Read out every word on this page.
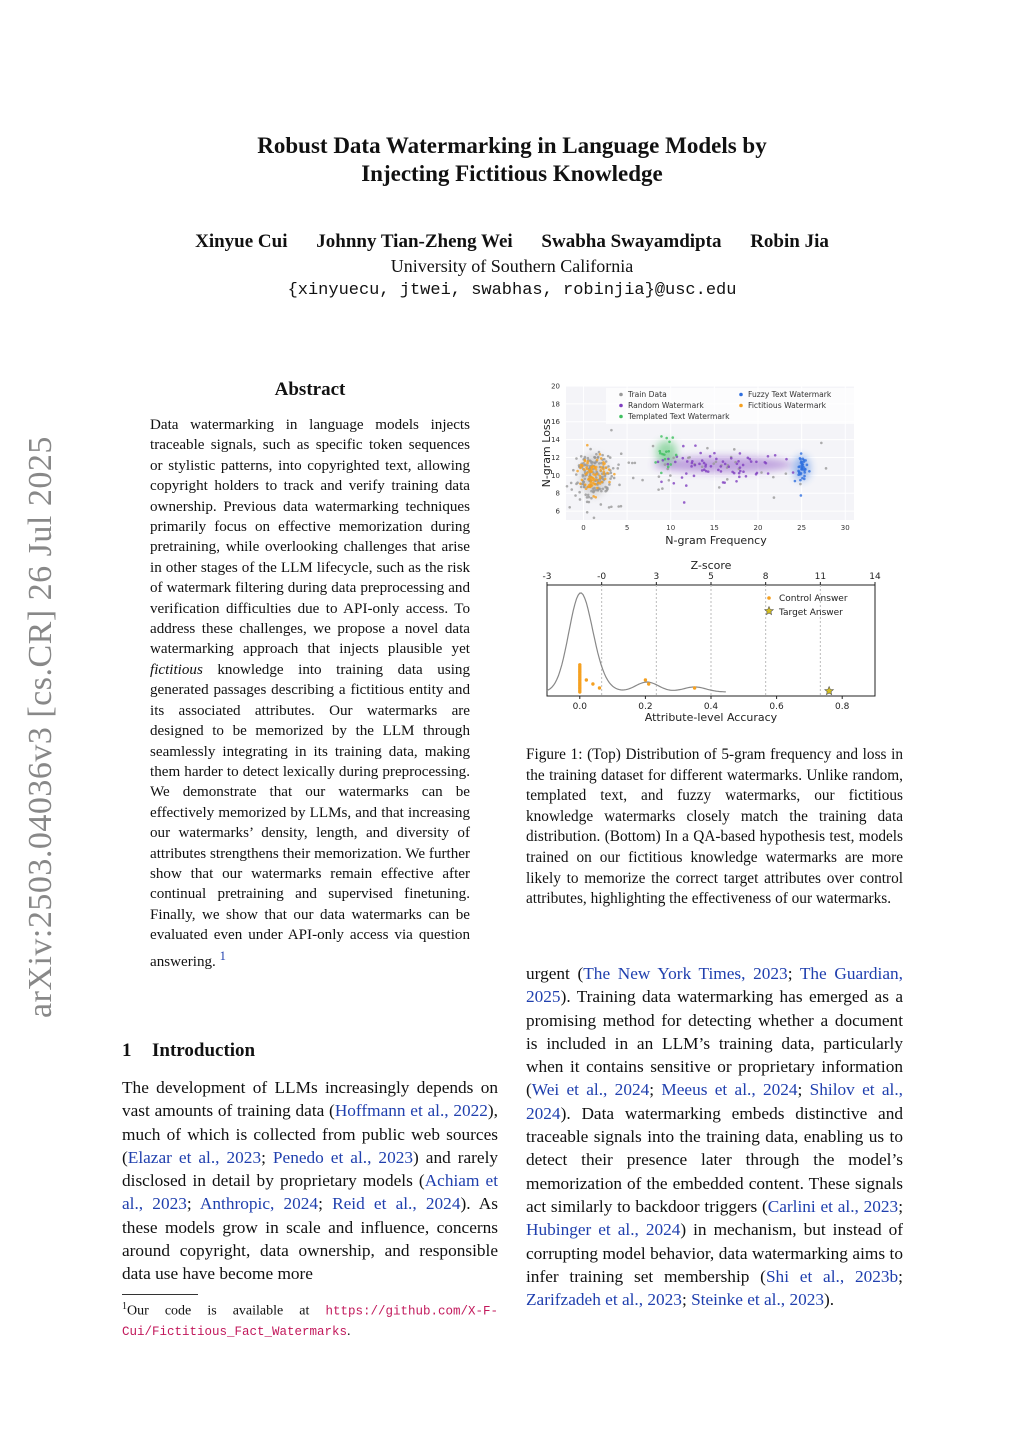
Robust Data Watermarking in Language Models by
Injecting Fictitious Knowledge
Xinyue Cui Johnny Tian-Zheng Wei Swabha Swayamdipta Robin Jia
University of Southern California
{xinyuecu, jtwei, swabhas, robinjia}@usc.edu
arXiv:2503.04036v3 [cs.CR] 26 Jul 2025
Abstract
Data watermarking in language models injects traceable signals, such as specific token sequences or stylistic patterns, into copyrighted text, allowing copyright holders to track and verify training data ownership. Previous data watermarking techniques primarily focus on effective memorization during pretraining, while overlooking challenges that arise in other stages of the LLM lifecycle, such as the risk of watermark filtering during data preprocessing and verification difficulties due to API-only access. To address these challenges, we propose a novel data watermarking approach that injects plausible yet fictitious knowledge into training data using generated passages describing a fictitious entity and its associated attributes. Our watermarks are designed to be memorized by the LLM through seamlessly integrating in its training data, making them harder to detect lexically during preprocessing. We demonstrate that our watermarks can be effectively memorized by LLMs, and that increasing our watermarks’ density, length, and diversity of attributes strengthens their memorization. We further show that our watermarks remain effective after continual pretraining and supervised finetuning. Finally, we show that our data watermarks can be evaluated even under API-only access via question answering. $^1$
1 Introduction
The development of LLMs increasingly depends on vast amounts of training data (Hoffmann et al., 2022), much of which is collected from public web sources (Elazar et al., 2023; Penedo et al., 2023) and rarely disclosed in detail by proprietary models (Achiam et al., 2023; Anthropic, 2024; Reid et al., 2024). As these models grow in scale and influence, concerns around copyright, data ownership, and responsible data use have become more
$^1$Our code is available at https://github.com/X-F-Cui/Fictitious_Fact_Watermarks.
0	5	10	15	20	25	30
6
8
10
12
14
16
18
20
Train Data
Random Watermark
Templated Text Watermark
Fuzzy Text Watermark
Fictitious Watermark
N-gram Frequency
N-gram Loss
Z-score
-3	-0	3	5	8	11	14
0.0	0.2	0.4	0.6	0.8
Control Answer
Target Answer
Attribute-level Accuracy
Figure 1: (Top) Distribution of 5-gram frequency and loss in the training dataset for different watermarks. Unlike random, templated text, and fuzzy watermarks, our fictitious knowledge watermarks closely match the training data distribution. (Bottom) In a QA-based hypothesis test, models trained on our fictitious knowledge watermarks are more likely to memorize the correct target attributes over control attributes, highlighting the effectiveness of our watermarks.
urgent (The New York Times, 2023; The Guardian, 2025). Training data watermarking has emerged as a promising method for detecting whether a document is included in an LLM’s training data, particularly when it contains sensitive or proprietary information (Wei et al., 2024; Meeus et al., 2024; Shilov et al., 2024). Data watermarking embeds distinctive and traceable signals into the training data, enabling us to detect their presence later through the model’s memorization of the embedded content. These signals act similarly to backdoor triggers (Carlini et al., 2023; Hubinger et al., 2024) in mechanism, but instead of corrupting model behavior, data watermarking aims to infer training set membership (Shi et al., 2023b; Zarifzadeh et al., 2023; Steinke et al., 2023).
